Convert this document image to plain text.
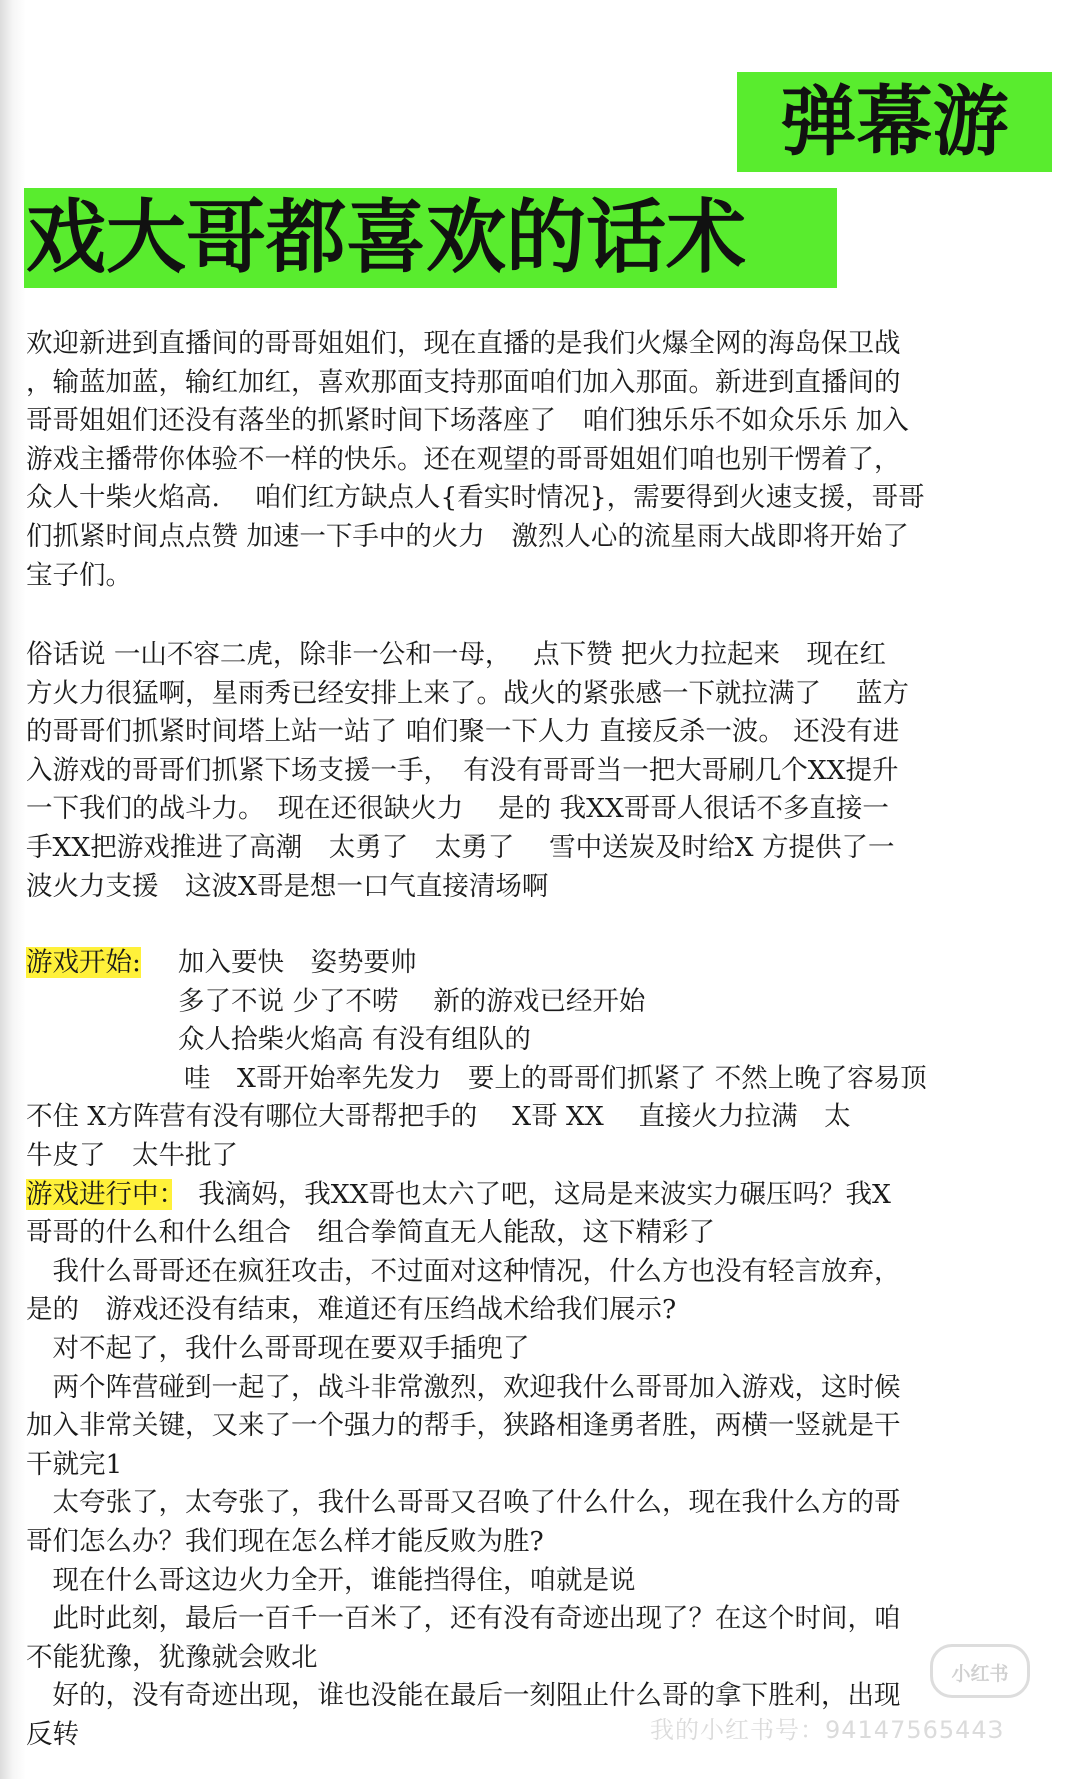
弹幕游
戏大哥都喜欢的话术
欢迎新进到直播间的哥哥姐姐们，现在直播的是我们火爆全网的海岛保卫战
，输蓝加蓝，输红加红，喜欢那面支持那面咱们加入那面。新进到直播间的
哥哥姐姐们还没有落坐的抓紧时间下场落座了　咱们独乐乐不如众乐乐 加入
游戏主播带你体验不一样的快乐。还在观望的哥哥姐姐们咱也别干愣着了，
众人十柴火焰高.　 咱们红方缺点人{看实时情况}，需要得到火速支援，哥哥
们抓紧时间点点赞 加速一下手中的火力　激烈人心的流星雨大战即将开始了
宝子们。
俗话说 一山不容二虎，除非一公和一母，　 点下赞 把火力拉起来　现在红
方火力很猛啊，星雨秀已经安排上来了。战火的紧张感一下就拉满了　 蓝方
的哥哥们抓紧时间塔上站一站了 咱们聚一下人力 直接反杀一波。 还没有进
入游戏的哥哥们抓紧下场支援一手，　有没有哥哥当一把大哥刷几个XX提升
一下我们的战斗力。　现在还很缺火力　 是的 我XX哥哥人很话不多直接一
手XX把游戏推进了高潮　太勇了　太勇了　 雪中送炭及时给X 方提供了一
波火力支援　这波X哥是想一口气直接清场啊
游戏开始: 加入要快　姿势要帅
多了不说 少了不唠　 新的游戏已经开始
众人拾柴火焰高 有没有组队的
哇　X哥开始率先发力　要上的哥哥们抓紧了 不然上晚了容易顶
不住 X方阵营有没有哪位大哥帮把手的　 X哥 XX　 直接火力拉满　太
牛皮了　太牛批了
游戏进行中：　 我滴妈，我XX哥也太六了吧，这局是来波实力碾压吗？我X
哥哥的什么和什么组合　组合拳简直无人能敌，这下精彩了
　我什么哥哥还在疯狂攻击，不过面对这种情况，什么方也没有轻言放弃，
是的　游戏还没有结束，难道还有压绉战术给我们展示?
　对不起了，我什么哥哥现在要双手插兜了
　两个阵营碰到一起了，战斗非常激烈，欢迎我什么哥哥加入游戏，这时候
加入非常关键，又来了一个强力的帮手，狭路相逢勇者胜，两横一竖就是干
干就完1
　太夸张了，太夸张了，我什么哥哥又召唤了什么什么，现在我什么方的哥
哥们怎么办？我们现在怎么样才能反败为胜?
　现在什么哥这边火力全开，谁能挡得住，咱就是说
　此时此刻，最后一百千一百米了，还有没有奇迹出现了？在这个时间，咱
不能犹豫，犹豫就会败北
　好的，没有奇迹出现，谁也没能在最后一刻阻止什么哥的拿下胜利，出现
反转
小红书
我的小红书号：9414756544З
